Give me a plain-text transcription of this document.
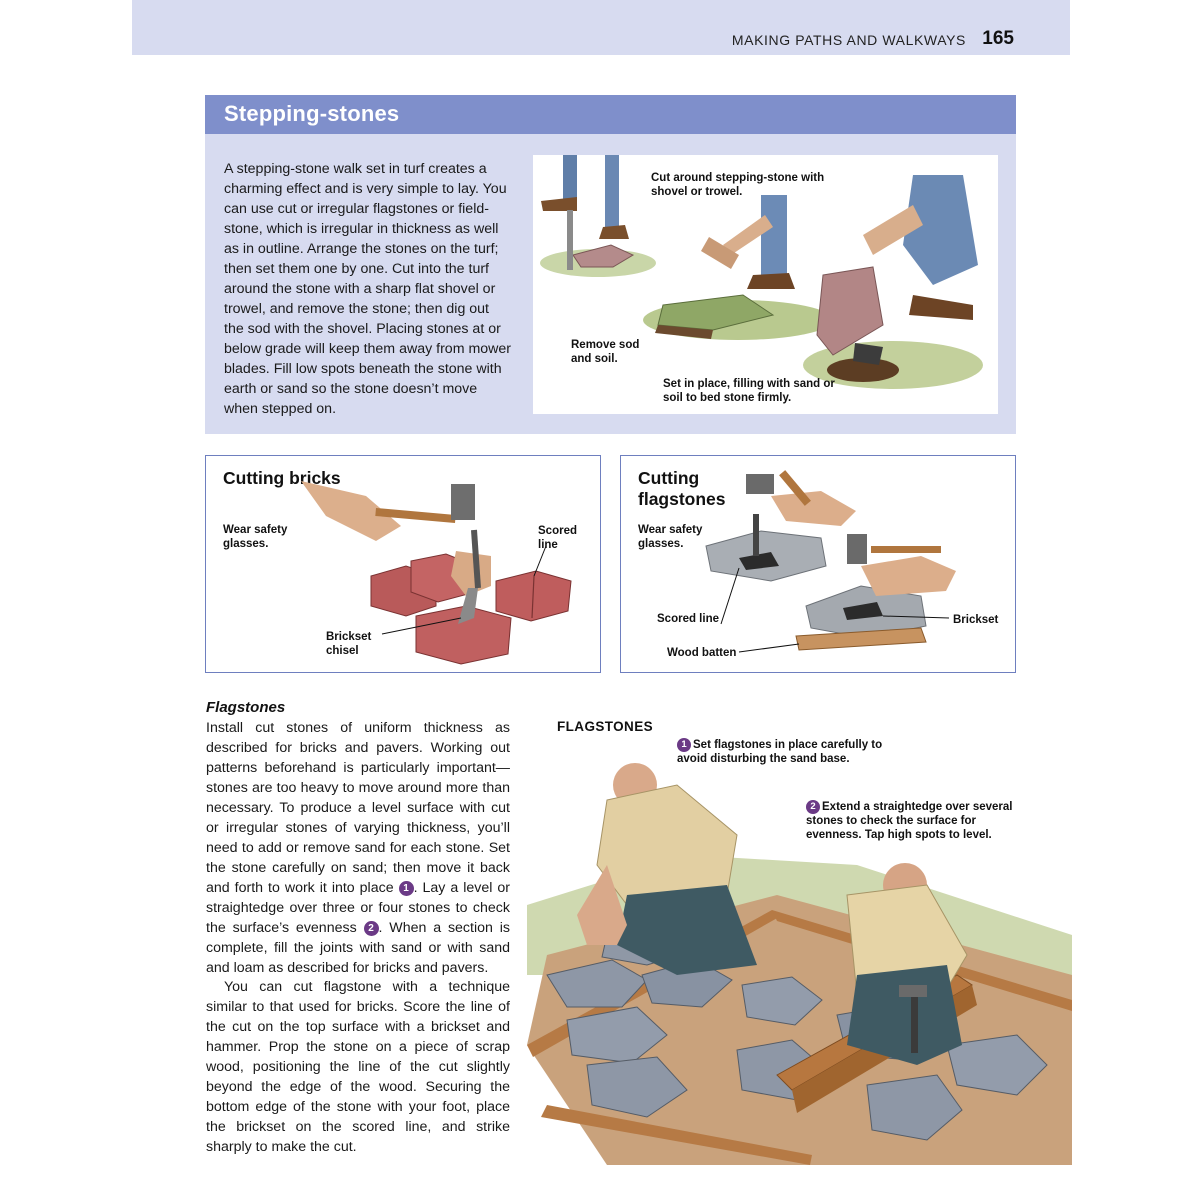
MAKING PATHS AND WALKWAYS 165
Stepping-stones

A stepping-stone walk set in turf creates a charming effect and is very simple to lay. You can use cut or irregular flagstones or field-stone, which is irregular in thickness as well as in outline. Arrange the stones on the turf; then set them one by one. Cut into the turf around the stone with a sharp flat shovel or trowel, and remove the stone; then dig out the sod with the shovel. Placing stones at or below grade will keep them away from mower blades. Fill low spots beneath the stone with earth or sand so the stone doesn’t move when stepped on.

Cut around stepping-stone with shovel or trowel.
Remove sod and soil.
Set in place, filling with sand or soil to bed stone firmly.
Cutting bricks
Wear safety glasses.
Scored line
Brickset chisel
Cutting flagstones
Wear safety glasses.
Scored line	Brickset
Wood batten
Flagstones

Install cut stones of uniform thickness as described for bricks and pavers. Working out patterns beforehand is particularly important—stones are too heavy to move around more than necessary. To produce a level surface with cut or irregular stones of varying thickness, you’ll need to add or remove sand for each stone. Set the stone carefully on sand; then move it back and forth to work it into place 1 . Lay a level or straightedge over three or four stones to check the surface’s evenness 2 . When a section is complete, fill the joints with sand or with sand and loam as described for bricks and pavers.

You can cut flagstone with a technique similar to that used for bricks. Score the line of the cut on the top surface with a brickset and hammer. Prop the stone on a piece of scrap wood, positioning the line of the cut slightly beyond the edge of the wood. Securing the bottom edge of the stone with your foot, place the brickset on the scored line, and strike sharply to make the cut.

FLAGSTONES
1 Set flagstones in place carefully to avoid disturbing the sand base.
2 Extend a straightedge over several stones to check the surface for evenness. Tap high spots to level.
